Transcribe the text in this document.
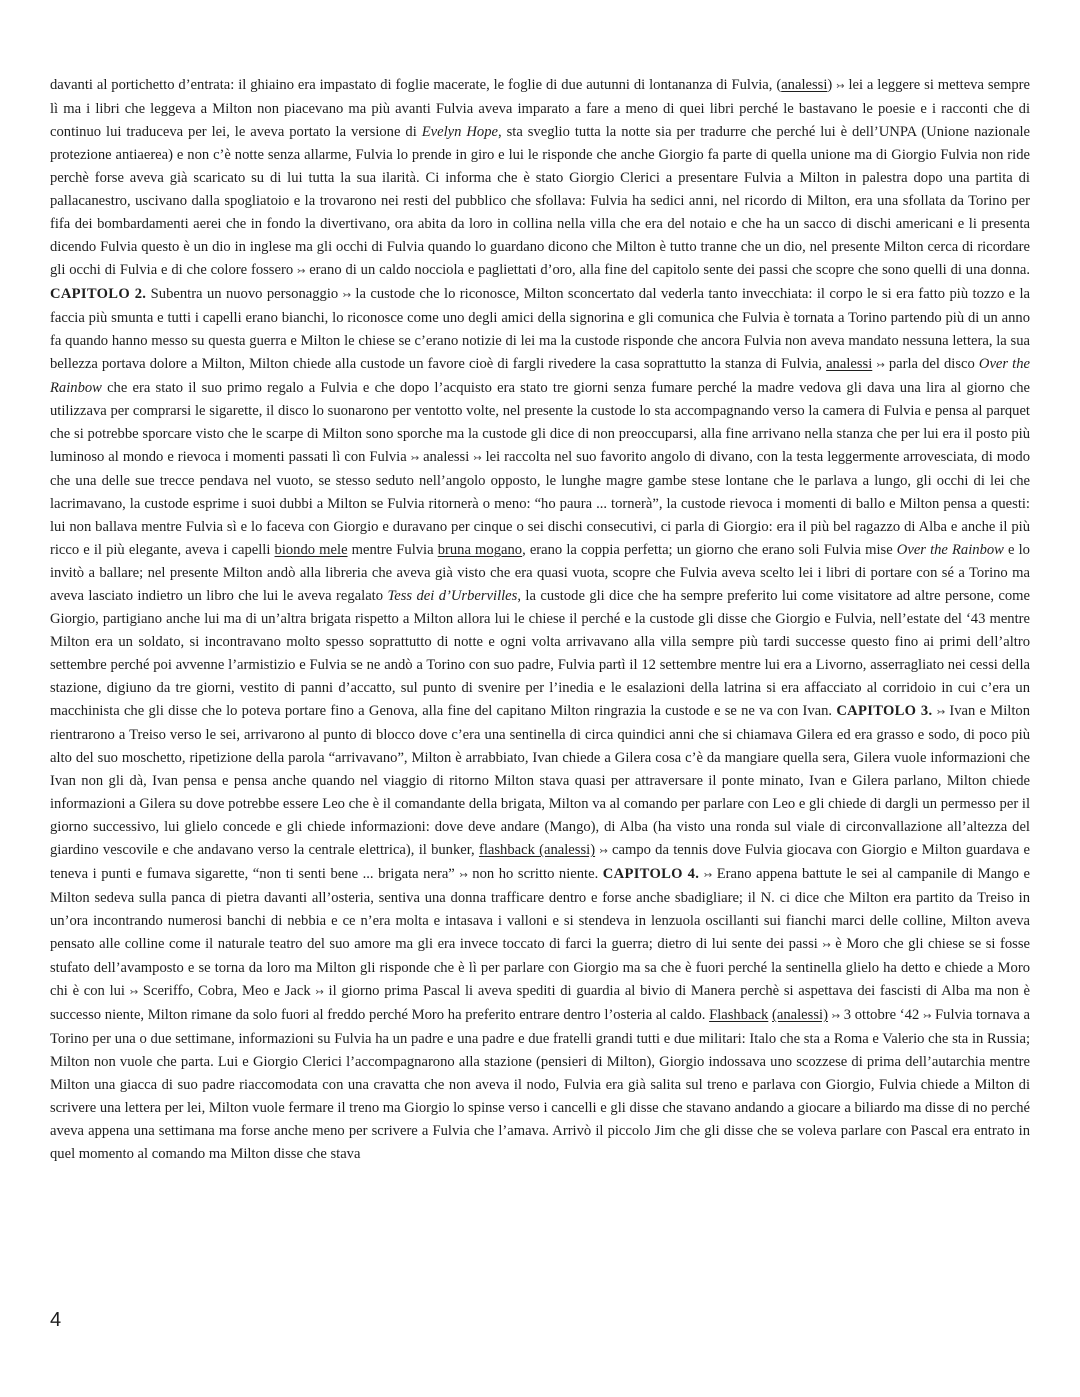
davanti al portichetto d’entrata: il ghiaino era impastato di foglie macerate, le foglie di due autunni di lontananza di Fulvia, (analessi) ↣ lei a leggere si metteva sempre lì ma i libri che leggeva a Milton non piacevano ma più avanti Fulvia aveva imparato a fare a meno di quei libri perché le bastavano le poesie e i racconti che di continuo lui traduceva per lei, le aveva portato la versione di Evelyn Hope, sta sveglio tutta la notte sia per tradurre che perché lui è dell’UNPA (Unione nazionale protezione antiaerea) e non c’è notte senza allarme, Fulvia lo prende in giro e lui le risponde che anche Giorgio fa parte di quella unione ma di Giorgio Fulvia non ride perchè forse aveva già scaricato su di lui tutta la sua ilarità. Ci informa che è stato Giorgio Clerici a presentare Fulvia a Milton in palestra dopo una partita di pallacanestro, uscivano dalla spogliatoio e la trovarono nei resti del pubblico che sfollava: Fulvia ha sedici anni, nel ricordo di Milton, era una sfollata da Torino per fifa dei bombardamenti aerei che in fondo la divertivano, ora abita da loro in collina nella villa che era del notaio e che ha un sacco di dischi americani e li presenta dicendo Fulvia questo è un dio in inglese ma gli occhi di Fulvia quando lo guardano dicono che Milton è tutto tranne che un dio, nel presente Milton cerca di ricordare gli occhi di Fulvia e di che colore fossero ↣ erano di un caldo nocciola e pagliettati d’oro, alla fine del capitolo sente dei passi che scopre che sono quelli di una donna. CAPITOLO 2. Subentra un nuovo personaggio ↣ la custode che lo riconosce, Milton sconcertato dal vederla tanto invecchiata: il corpo le si era fatto più tozzo e la faccia più smunta e tutti i capelli erano bianchi, lo riconosce come uno degli amici della signorina e gli comunica che Fulvia è tornata a Torino partendo più di un anno fa quando hanno messo su questa guerra e Milton le chiese se c’erano notizie di lei ma la custode risponde che ancora Fulvia non aveva mandato nessuna lettera, la sua bellezza portava dolore a Milton, Milton chiede alla custode un favore cioè di fargli rivedere la casa soprattutto la stanza di Fulvia, analessi ↣ parla del disco Over the Rainbow che era stato il suo primo regalo a Fulvia e che dopo l’acquisto era stato tre giorni senza fumare perché la madre vedova gli dava una lira al giorno che utilizzava per comprarsi le sigarette, il disco lo suonarono per ventotto volte, nel presente la custode lo sta accompagnando verso la camera di Fulvia e pensa al parquet che si potrebbe sporcare visto che le scarpe di Milton sono sporche ma la custode gli dice di non preoccuparsi, alla fine arrivano nella stanza che per lui era il posto più luminoso al mondo e rievoca i momenti passati lì con Fulvia ↣ analessi ↣ lei raccolta nel suo favorito angolo di divano, con la testa leggermente arrovesciata, di modo che una delle sue trecce pendava nel vuoto, se stesso seduto nell’angolo opposto, le lunghe magre gambe stese lontane che le parlava a lungo, gli occhi di lei che lacrimavano, la custode esprime i suoi dubbi a Milton se Fulvia ritornerà o meno: “ho paura ... tornerà”, la custode rievoca i momenti di ballo e Milton pensa a questi: lui non ballava mentre Fulvia sì e lo faceva con Giorgio e duravano per cinque o sei dischi consecutivi, ci parla di Giorgio: era il più bel ragazzo di Alba e anche il più ricco e il più elegante, aveva i capelli biondo mele mentre Fulvia bruna mogano, erano la coppia perfetta; un giorno che erano soli Fulvia mise Over the Rainbow e lo invitò a ballare; nel presente Milton andò alla libreria che aveva già visto che era quasi vuota, scopre che Fulvia aveva scelto lei i libri di portare con sé a Torino ma aveva lasciato indietro un libro che lui le aveva regalato Tess dei d’Urbervilles, la custode gli dice che ha sempre preferito lui come visitatore ad altre persone, come Giorgio, partigiano anche lui ma di un’altra brigata rispetto a Milton allora lui le chiese il perché e la custode gli disse che Giorgio e Fulvia, nell’estate del ‘43 mentre Milton era un soldato, si incontravano molto spesso soprattutto di notte e ogni volta arrivavano alla villa sempre più tardi successe questo fino ai primi dell’altro settembre perché poi avvenne l’armistizio e Fulvia se ne andò a Torino con suo padre, Fulvia partì il 12 settembre mentre lui era a Livorno, asserragliato nei cessi della stazione, digiuno da tre giorni, vestito di panni d’accatto, sul punto di svenire per l’inedia e le esalazioni della latrina si era affacciato al corridoio in cui c’era un macchinista che gli disse che lo poteva portare fino a Genova, alla fine del capitano Milton ringrazia la custode e se ne va con Ivan. CAPITOLO 3. ↣ Ivan e Milton rientrarono a Treiso verso le sei, arrivarono al punto di blocco dove c’era una sentinella di circa quindici anni che si chiamava Gilera ed era grasso e sodo, di poco più alto del suo moschetto, ripetizione della parola “arrivavano”, Milton è arrabbiato, Ivan chiede a Gilera cosa c’è da mangiare quella sera, Gilera vuole informazioni che Ivan non gli dà, Ivan pensa e pensa anche quando nel viaggio di ritorno Milton stava quasi per attraversare il ponte minato, Ivan e Gilera parlano, Milton chiede informazioni a Gilera su dove potrebbe essere Leo che è il comandante della brigata, Milton va al comando per parlare con Leo e gli chiede di dargli un permesso per il giorno successivo, lui glielo concede e gli chiede informazioni: dove deve andare (Mango), di Alba (ha visto una ronda sul viale di circonvallazione all’altezza del giardino vescovile e che andavano verso la centrale elettrica), il bunker, flashback (analessi) ↣ campo da tennis dove Fulvia giocava con Giorgio e Milton guardava e teneva i punti e fumava sigarette, “non ti senti bene ... brigata nera” ↣ non ho scritto niente. CAPITOLO 4. ↣ Erano appena battute le sei al campanile di Mango e Milton sedeva sulla panca di pietra davanti all’osteria, sentiva una donna trafficare dentro e forse anche sbadigliare; il N. ci dice che Milton era partito da Treiso in un’ora incontrando numerosi banchi di nebbia e ce n’era molta e intasava i valloni e si stendeva in lenzuola oscillanti sui fianchi marci delle colline, Milton aveva pensato alle colline come il naturale teatro del suo amore ma gli era invece toccato di farci la guerra; dietro di lui sente dei passi ↣ è Moro che gli chiese se si fosse stufato dell’avamposto e se torna da loro ma Milton gli risponde che è lì per parlare con Giorgio ma sa che è fuori perché la sentinella glielo ha detto e chiede a Moro chi è con lui ↣ Sceriffo, Cobra, Meo e Jack ↣ il giorno prima Pascal li aveva spediti di guardia al bivio di Manera perchè si aspettava dei fascisti di Alba ma non è successo niente, Milton rimane da solo fuori al freddo perché Moro ha preferito entrare dentro l’osteria al caldo. Flashback (analessi) ↣ 3 ottobre ‘42 ↣ Fulvia tornava a Torino per una o due settimane, informazioni su Fulvia ha un padre e una padre e due fratelli grandi tutti e due militari: Italo che sta a Roma e Valerio che sta in Russia; Milton non vuole che parta. Lui e Giorgio Clerici l’accompagnarono alla stazione (pensieri di Milton), Giorgio indossava uno scozzese di prima dell’autarchia mentre Milton una giacca di suo padre riaccomodata con una cravatta che non aveva il nodo, Fulvia era già salita sul treno e parlava con Giorgio, Fulvia chiede a Milton di scrivere una lettera per lei, Milton vuole fermare il treno ma Giorgio lo spinse verso i cancelli e gli disse che stavano andando a giocare a biliardo ma disse di no perché aveva appena una settimana ma forse anche meno per scrivere a Fulvia che l’amava. Arrivò il piccolo Jim che gli disse che se voleva parlare con Pascal era entrato in quel momento al comando ma Milton disse che stava

4
